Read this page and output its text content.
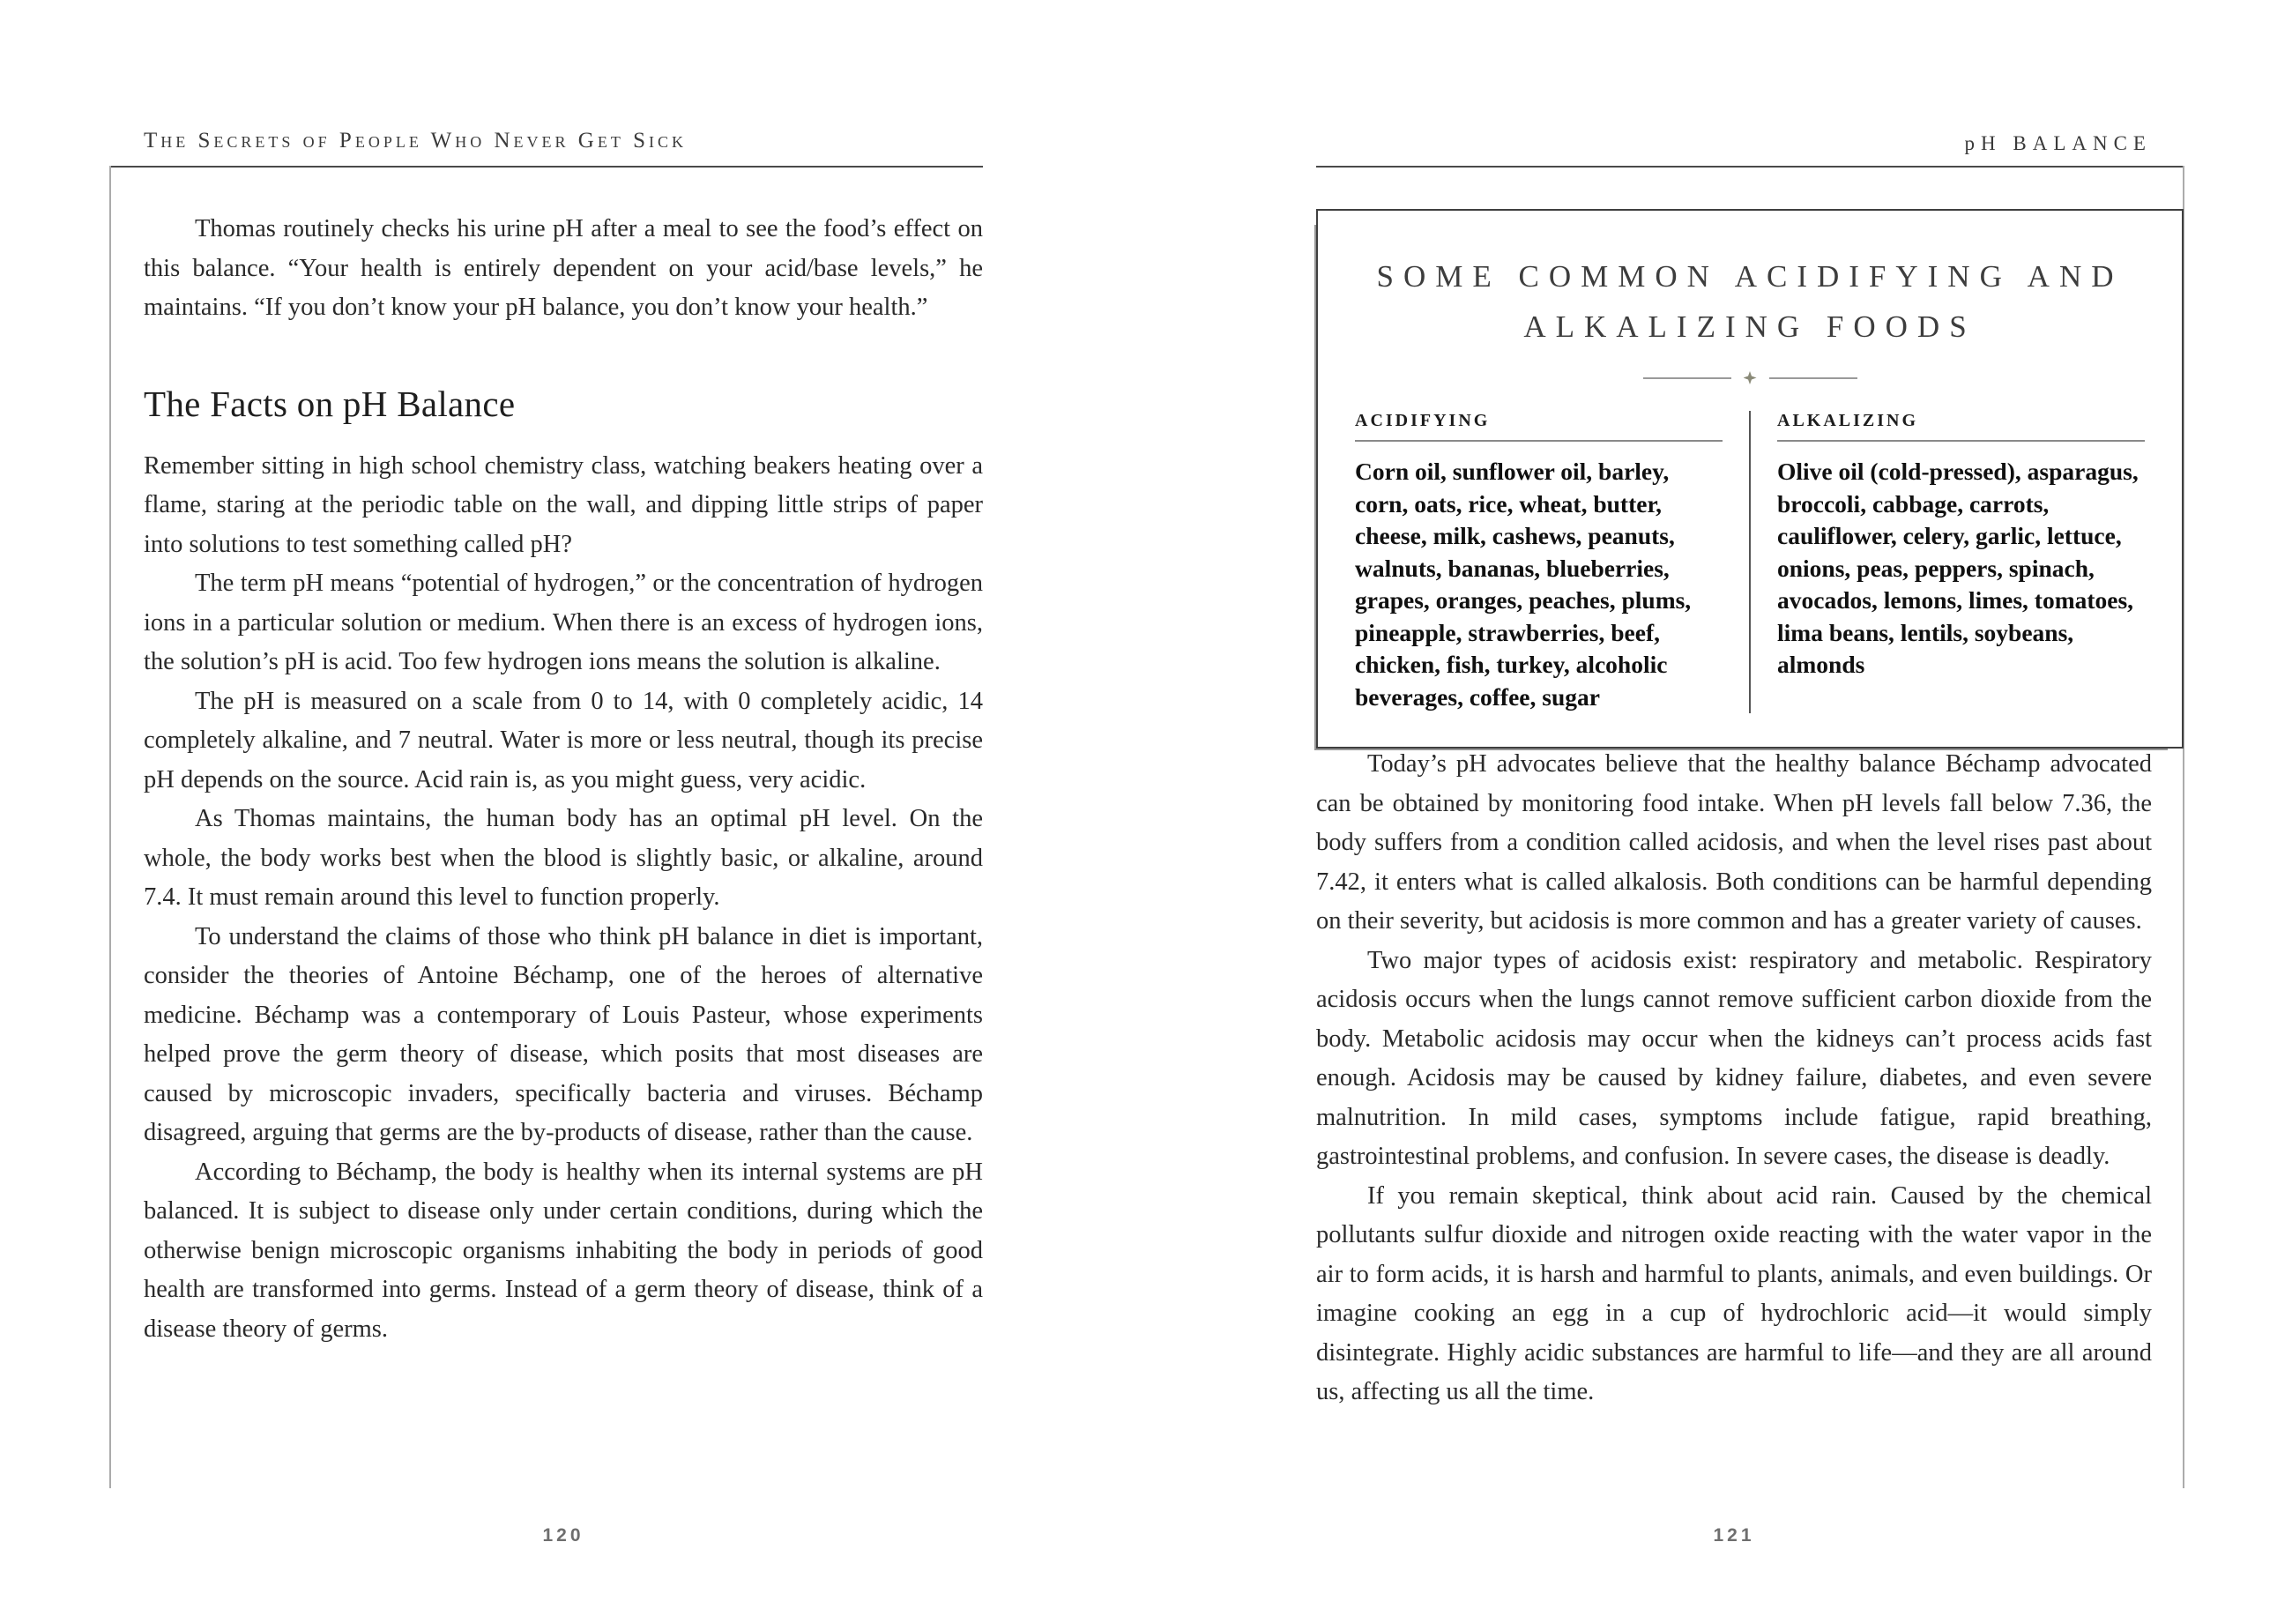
The Secrets of People Who Never Get Sick

Thomas routinely checks his urine pH after a meal to see the food’s effect on this balance. “Your health is entirely dependent on your acid/base levels,” he maintains. “If you don’t know your pH balance, you don’t know your health.”

The Facts on pH Balance

Remember sitting in high school chemistry class, watching beakers heating over a flame, staring at the periodic table on the wall, and dipping little strips of paper into solutions to test something called pH?

The term pH means “potential of hydrogen,” or the concentration of hydrogen ions in a particular solution or medium. When there is an excess of hydrogen ions, the solution’s pH is acid. Too few hydrogen ions means the solution is alkaline.

The pH is measured on a scale from 0 to 14, with 0 completely acidic, 14 completely alkaline, and 7 neutral. Water is more or less neutral, though its precise pH depends on the source. Acid rain is, as you might guess, very acidic.

As Thomas maintains, the human body has an optimal pH level. On the whole, the body works best when the blood is slightly basic, or alkaline, around 7.4. It must remain around this level to function properly.

To understand the claims of those who think pH balance in diet is important, consider the theories of Antoine Béchamp, one of the heroes of alternative medicine. Béchamp was a contemporary of Louis Pasteur, whose experiments helped prove the germ theory of disease, which posits that most diseases are caused by microscopic invaders, specifically bacteria and viruses. Béchamp disagreed, arguing that germs are the by-products of disease, rather than the cause.

According to Béchamp, the body is healthy when its internal systems are pH balanced. It is subject to disease only under certain conditions, during which the otherwise benign microscopic organisms inhabiting the body in periods of good health are transformed into germs. Instead of a germ theory of disease, think of a disease theory of germs.

120
pH BALANCE
SOME COMMON ACIDIFYING AND ALKALIZING FOODS
ACIDIFYING
Corn oil, sunflower oil, barley, corn, oats, rice, wheat, butter, cheese, milk, cashews, peanuts, walnuts, bananas, blueberries, grapes, oranges, peaches, plums, pineapple, strawberries, beef, chicken, fish, turkey, alcoholic beverages, coffee, sugar
ALKALIZING
Olive oil (cold-pressed), asparagus, broccoli, cabbage, carrots, cauliflower, celery, garlic, lettuce, onions, peas, peppers, spinach, avocados, lemons, limes, tomatoes, lima beans, lentils, soybeans, almonds

Today’s pH advocates believe that the healthy balance Béchamp advocated can be obtained by monitoring food intake. When pH levels fall below 7.36, the body suffers from a condition called acidosis, and when the level rises past about 7.42, it enters what is called alkalosis. Both conditions can be harmful depending on their severity, but acidosis is more common and has a greater variety of causes.

Two major types of acidosis exist: respiratory and metabolic. Respiratory acidosis occurs when the lungs cannot remove sufficient carbon dioxide from the body. Metabolic acidosis may occur when the kidneys can’t process acids fast enough. Acidosis may be caused by kidney failure, diabetes, and even severe malnutrition. In mild cases, symptoms include fatigue, rapid breathing, gastrointestinal problems, and confusion. In severe cases, the disease is deadly.

If you remain skeptical, think about acid rain. Caused by the chemical pollutants sulfur dioxide and nitrogen oxide reacting with the water vapor in the air to form acids, it is harsh and harmful to plants, animals, and even buildings. Or imagine cooking an egg in a cup of hydrochloric acid—it would simply disintegrate. Highly acidic substances are harmful to life—and they are all around us, affecting us all the time.

121
